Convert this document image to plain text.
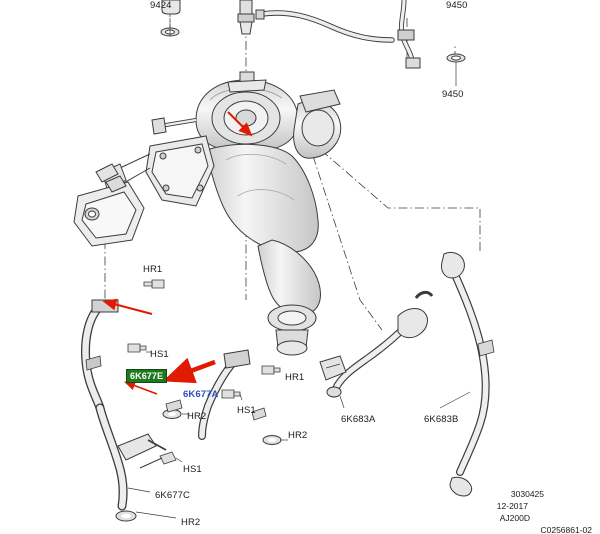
9424	9450
9450
HR1
HS1
6K677E
6K677A
HR1
HS1
HR2
HR2
6K683A	6K683B
HS1
6K677C
HR2
3030425
12-2017
AJ200D
C0256861-02
